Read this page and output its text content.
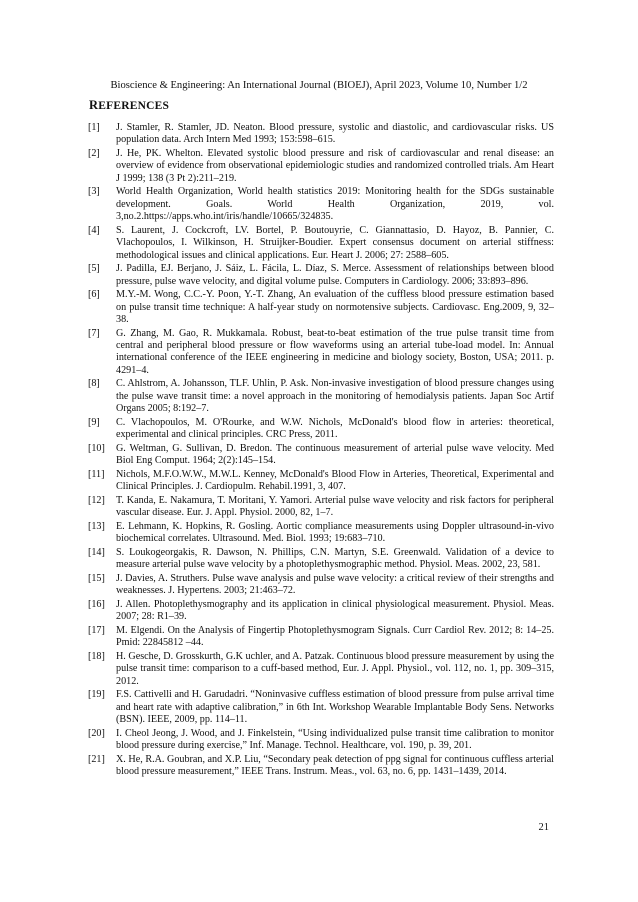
Bioscience & Engineering: An International Journal (BIOEJ), April 2023, Volume 10, Number 1/2
REFERENCES
[1] J. Stamler, R. Stamler, JD. Neaton. Blood pressure, systolic and diastolic, and cardiovascular risks. US population data. Arch Intern Med 1993; 153:598–615.
[2] J. He, PK. Whelton. Elevated systolic blood pressure and risk of cardiovascular and renal disease: an overview of evidence from observational epidemiologic studies and randomized controlled trials. Am Heart J 1999; 138 (3 Pt 2):211–219.
[3] World Health Organization, World health statistics 2019: Monitoring health for the SDGs sustainable development. Goals. World Health Organization, 2019, vol. 3,no.2.https://apps.who.int/iris/handle/10665/324835.
[4] S. Laurent, J. Cockcroft, LV. Bortel, P. Boutouyrie, C. Giannattasio, D. Hayoz, B. Pannier, C. Vlachopoulos, I. Wilkinson, H. Struijker-Boudier. Expert consensus document on arterial stiffness: methodological issues and clinical applications. Eur. Heart J. 2006; 27: 2588–605.
[5] J. Padilla, EJ. Berjano, J. Sáiz, L. Fácila, L. Díaz, S. Merce. Assessment of relationships between blood pressure, pulse wave velocity, and digital volume pulse. Computers in Cardiology. 2006; 33:893–896.
[6] M.Y.-M. Wong, C.C.-Y. Poon, Y.-T. Zhang, An evaluation of the cuffless blood pressure estimation based on pulse transit time technique: A half-year study on normotensive subjects. Cardiovasc. Eng.2009, 9, 32–38.
[7] G. Zhang, M. Gao, R. Mukkamala. Robust, beat-to-beat estimation of the true pulse transit time from central and peripheral blood pressure or flow waveforms using an arterial tube-load model. In: Annual international conference of the IEEE engineering in medicine and biology society, Boston, USA; 2011. p. 4291–4.
[8] C. Ahlstrom, A. Johansson, TLF. Uhlin, P. Ask. Non-invasive investigation of blood pressure changes using the pulse wave transit time: a novel approach in the monitoring of hemodialysis patients. Japan Soc Artif Organs 2005; 8:192–7.
[9] C. Vlachopoulos, M. O'Rourke, and W.W. Nichols, McDonald's blood flow in arteries: theoretical, experimental and clinical principles. CRC Press, 2011.
[10] G. Weltman, G. Sullivan, D. Bredon. The continuous measurement of arterial pulse wave velocity. Med Biol Eng Comput. 1964; 2(2):145–154.
[11] Nichols, M.F.O.W.W., M.W.L. Kenney, McDonald's Blood Flow in Arteries, Theoretical, Experimental and Clinical Principles. J. Cardiopulm. Rehabil.1991, 3, 407.
[12] T. Kanda, E. Nakamura, T. Moritani, Y. Yamori. Arterial pulse wave velocity and risk factors for peripheral vascular disease. Eur. J. Appl. Physiol. 2000, 82, 1–7.
[13] E. Lehmann, K. Hopkins, R. Gosling. Aortic compliance measurements using Doppler ultrasound-in-vivo biochemical correlates. Ultrasound. Med. Biol. 1993; 19:683–710.
[14] S. Loukogeorgakis, R. Dawson, N. Phillips, C.N. Martyn, S.E. Greenwald. Validation of a device to measure arterial pulse wave velocity by a photoplethysmographic method. Physiol. Meas. 2002, 23, 581.
[15] J. Davies, A. Struthers. Pulse wave analysis and pulse wave velocity: a critical review of their strengths and weaknesses. J. Hypertens. 2003; 21:463–72.
[16] J. Allen. Photoplethysmography and its application in clinical physiological measurement. Physiol. Meas. 2007; 28: R1–39.
[17] M. Elgendi. On the Analysis of Fingertip Photoplethysmogram Signals. Curr Cardiol Rev. 2012; 8: 14–25. Pmid: 22845812 –44.
[18] H. Gesche, D. Grosskurth, G.K uchler, and A. Patzak. Continuous blood pressure measurement by using the pulse transit time: comparison to a cuff-based method, Eur. J. Appl. Physiol., vol. 112, no. 1, pp. 309–315, 2012.
[19] F.S. Cattivelli and H. Garudadri. “Noninvasive cuffless estimation of blood pressure from pulse arrival time and heart rate with adaptive calibration,” in 6th Int. Workshop Wearable Implantable Body Sens. Networks (BSN). IEEE, 2009, pp. 114–11.
[20] I. Cheol Jeong, J. Wood, and J. Finkelstein, “Using individualized pulse transit time calibration to monitor blood pressure during exercise,” Inf. Manage. Technol. Healthcare, vol. 190, p. 39, 201.
[21] X. He, R.A. Goubran, and X.P. Liu, “Secondary peak detection of ppg signal for continuous cuffless arterial blood pressure measurement,” IEEE Trans. Instrum. Meas., vol. 63, no. 6, pp. 1431–1439, 2014.
21
